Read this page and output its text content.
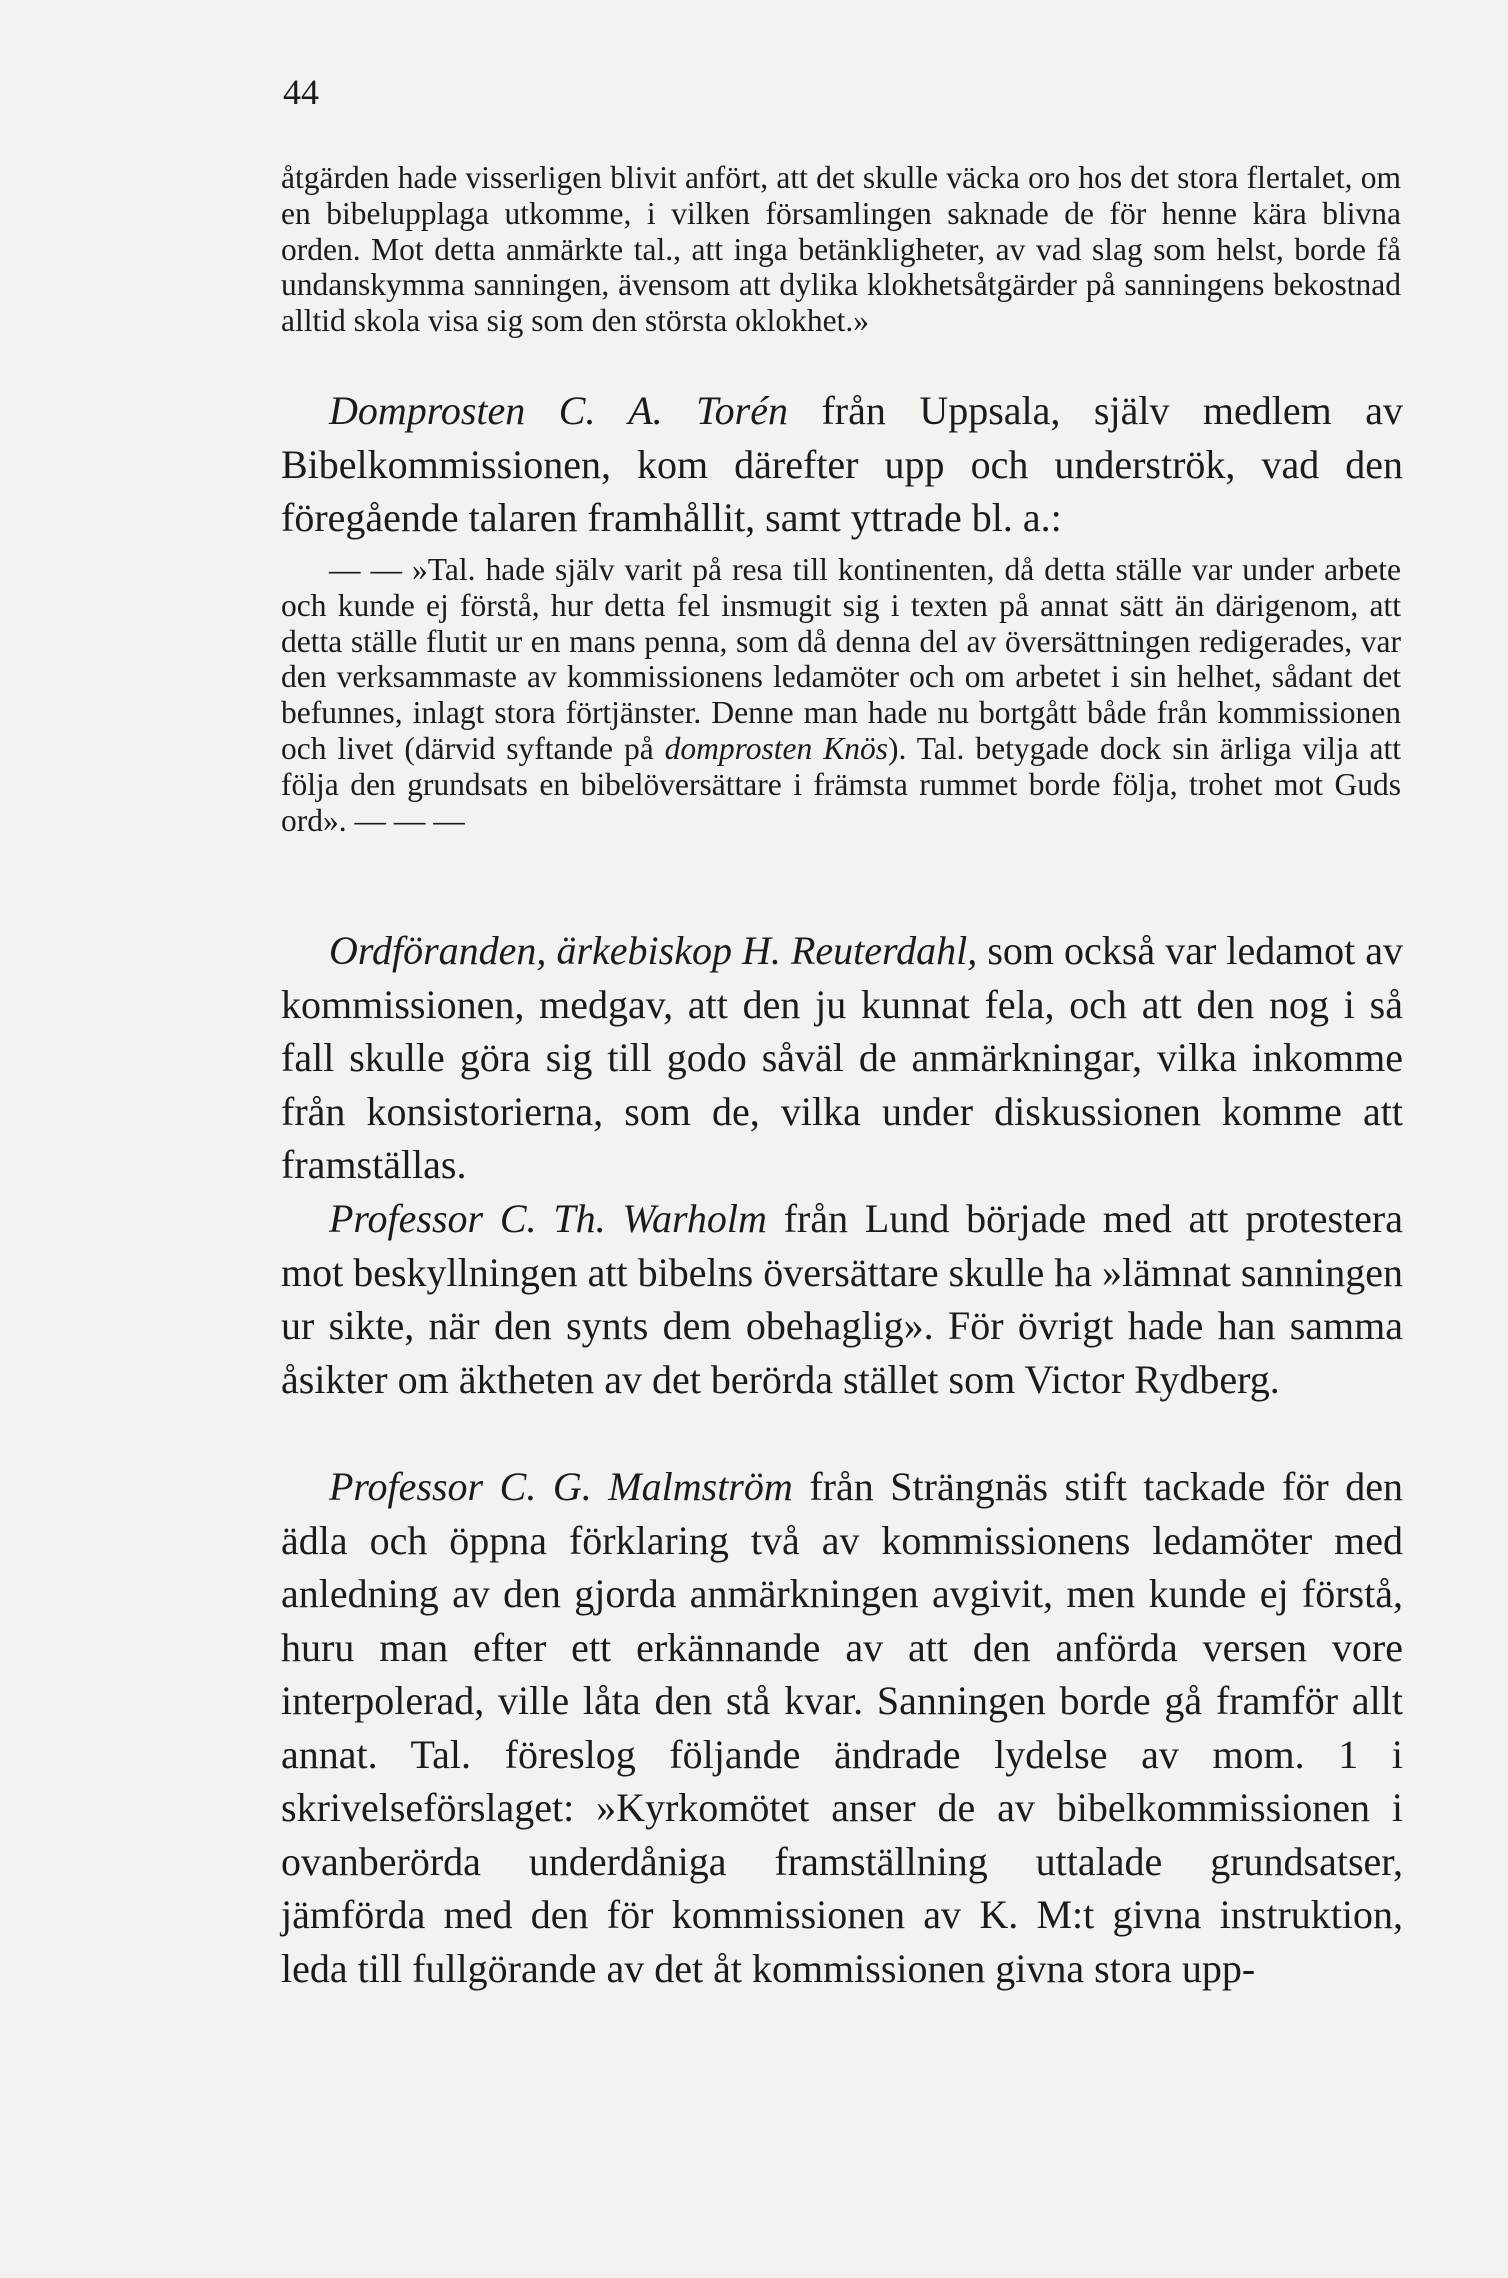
44

åtgärden hade visserligen blivit anfört, att det skulle väcka oro hos det stora flertalet, om en bibelupplaga utkomme, i vilken församlingen saknade de för henne kära blivna orden. Mot detta anmärkte tal., att inga betänkligheter, av vad slag som helst, borde få undanskymma sanningen, ävensom att dylika klokhetsåtgärder på sanningens bekostnad alltid skola visa sig som den största oklokhet.»

Domprosten C. A. Torén från Uppsala, själv medlem av Bibelkommissionen, kom därefter upp och underströk, vad den föregående talaren framhållit, samt yttrade bl. a.:

— — »Tal. hade själv varit på resa till kontinenten, då detta ställe var under arbete och kunde ej förstå, hur detta fel insmugit sig i texten på annat sätt än därigenom, att detta ställe flutit ur en mans penna, som då denna del av översättningen redigerades, var den verksammaste av kommissionens ledamöter och om arbetet i sin helhet, sådant det befunnes, inlagt stora förtjänster. Denne man hade nu bortgått både från kommissionen och livet (därvid syftande på domprosten Knös). Tal. betygade dock sin ärliga vilja att följa den grundsats en bibelöversättare i främsta rummet borde följa, trohet mot Guds ord». — — —

Ordföranden, ärkebiskop H. Reuterdahl, som också var ledamot av kommissionen, medgav, att den ju kunnat fela, och att den nog i så fall skulle göra sig till godo såväl de anmärkningar, vilka inkomme från konsistorierna, som de, vilka under diskussionen komme att framställas.

Professor C. Th. Warholm från Lund började med att protestera mot beskyllningen att bibelns översättare skulle ha »lämnat sanningen ur sikte, när den synts dem obehaglig». För övrigt hade han samma åsikter om äktheten av det berörda stället som Victor Rydberg.

Professor C. G. Malmström från Strängnäs stift tackade för den ädla och öppna förklaring två av kommissionens ledamöter med anledning av den gjorda anmärkningen avgivit, men kunde ej förstå, huru man efter ett erkännande av att den anförda versen vore interpolerad, ville låta den stå kvar. Sanningen borde gå framför allt annat. Tal. föreslog följande ändrade lydelse av mom. 1 i skrivelseförslaget: »Kyrkomötet anser de av bibelkommissionen i ovanberörda underdåniga framställning uttalade grundsatser, jämförda med den för kommissionen av K. M:t givna instruktion, leda till fullgörande av det åt kommissionen givna stora upp-
